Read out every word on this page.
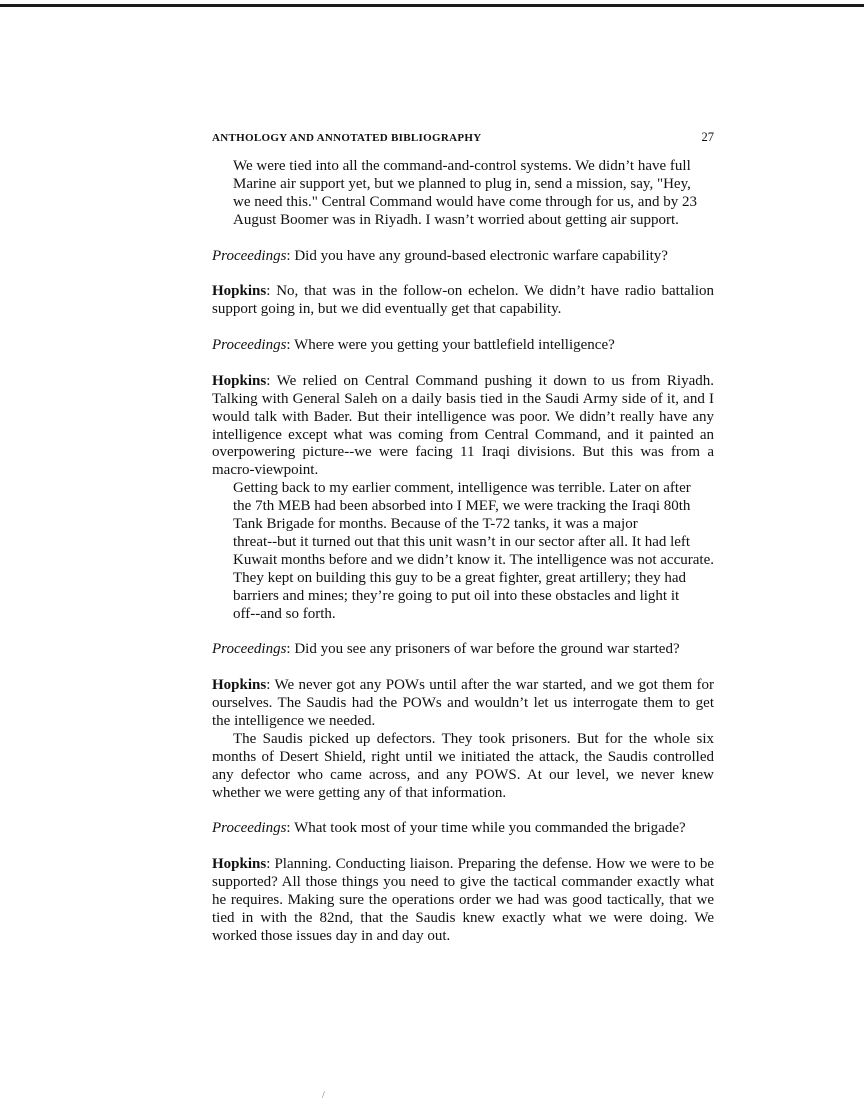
ANTHOLOGY AND ANNOTATED BIBLIOGRAPHY	27

We were tied into all the command-and-control systems. We didn’t have full
Marine air support yet, but we planned to plug in, send a mission, say, "Hey,
we need this." Central Command would have come through for us, and by 23
August Boomer was in Riyadh. I wasn’t worried about getting air support.

Proceedings: Did you have any ground-based electronic warfare capability?

Hopkins: No, that was in the follow-on echelon. We didn’t have radio battalion support going in, but we did eventually get that capability.

Proceedings: Where were you getting your battlefield intelligence?

Hopkins: We relied on Central Command pushing it down to us from Riyadh. Talking with General Saleh on a daily basis tied in the Saudi Army side of it, and I would talk with Bader. But their intelligence was poor. We didn’t really have any intelligence except what was coming from Central Command, and it painted an overpowering picture--we were facing 11 Iraqi divisions. But this was from a macro-viewpoint.

Getting back to my earlier comment, intelligence was terrible. Later on after
the 7th MEB had been absorbed into I MEF, we were tracking the Iraqi 80th
Tank Brigade for months. Because of the T-72 tanks, it was a major
threat--but it turned out that this unit wasn’t in our sector after all. It had left
Kuwait months before and we didn’t know it. The intelligence was not accurate.
They kept on building this guy to be a great fighter, great artillery; they had
barriers and mines; they’re going to put oil into these obstacles and light it
off--and so forth.

Proceedings: Did you see any prisoners of war before the ground war started?

Hopkins: We never got any POWs until after the war started, and we got them for ourselves. The Saudis had the POWs and wouldn’t let us interrogate them to get the intelligence we needed.

The Saudis picked up defectors. They took prisoners. But for the whole six months of Desert Shield, right until we initiated the attack, the Saudis controlled any defector who came across, and any POWS. At our level, we never knew whether we were getting any of that information.

Proceedings: What took most of your time while you commanded the brigade?

Hopkins: Planning. Conducting liaison. Preparing the defense. How we were to be supported? All those things you need to give the tactical commander exactly what he requires. Making sure the operations order we had was good tactically, that we tied in with the 82nd, that the Saudis knew exactly what we were doing. We worked those issues day in and day out.

/
